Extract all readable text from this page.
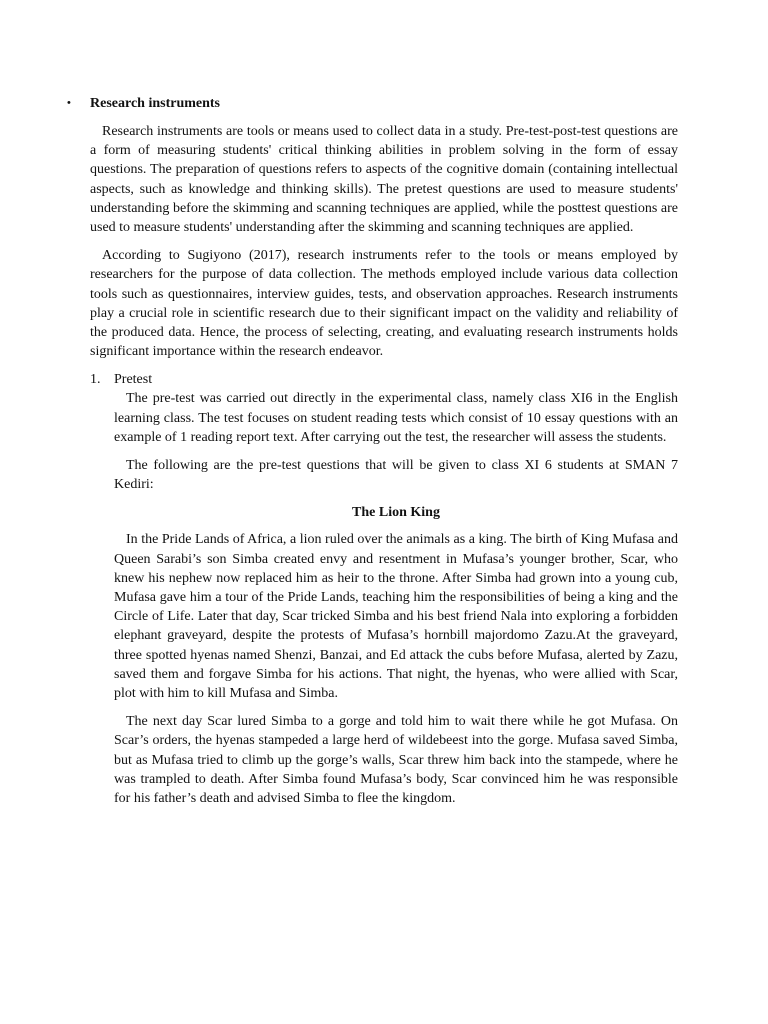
• Research instruments

Research instruments are tools or means used to collect data in a study. Pre-test-post-test questions are a form of measuring students' critical thinking abilities in problem solving in the form of essay questions. The preparation of questions refers to aspects of the cognitive domain (containing intellectual aspects, such as knowledge and thinking skills). The pretest questions are used to measure students' understanding before the skimming and scanning techniques are applied, while the posttest questions are used to measure students' understanding after the skimming and scanning techniques are applied.

According to Sugiyono (2017), research instruments refer to the tools or means employed by researchers for the purpose of data collection. The methods employed include various data collection tools such as questionnaires, interview guides, tests, and observation approaches. Research instruments play a crucial role in scientific research due to their significant impact on the validity and reliability of the produced data. Hence, the process of selecting, creating, and evaluating research instruments holds significant importance within the research endeavor.

1. Pretest

The pre-test was carried out directly in the experimental class, namely class XI6 in the English learning class. The test focuses on student reading tests which consist of 10 essay questions with an example of 1 reading report text. After carrying out the test, the researcher will assess the students.

The following are the pre-test questions that will be given to class XI 6 students at SMAN 7 Kediri:

The Lion King

In the Pride Lands of Africa, a lion ruled over the animals as a king. The birth of King Mufasa and Queen Sarabi’s son Simba created envy and resentment in Mufasa’s younger brother, Scar, who knew his nephew now replaced him as heir to the throne. After Simba had grown into a young cub, Mufasa gave him a tour of the Pride Lands, teaching him the responsibilities of being a king and the Circle of Life. Later that day, Scar tricked Simba and his best friend Nala into exploring a forbidden elephant graveyard, despite the protests of Mufasa’s hornbill majordomo Zazu.At the graveyard, three spotted hyenas named Shenzi, Banzai, and Ed attack the cubs before Mufasa, alerted by Zazu, saved them and forgave Simba for his actions. That night, the hyenas, who were allied with Scar, plot with him to kill Mufasa and Simba.

The next day Scar lured Simba to a gorge and told him to wait there while he got Mufasa. On Scar’s orders, the hyenas stampeded a large herd of wildebeest into the gorge. Mufasa saved Simba, but as Mufasa tried to climb up the gorge’s walls, Scar threw him back into the stampede, where he was trampled to death. After Simba found Mufasa’s body, Scar convinced him he was responsible for his father’s death and advised Simba to flee the kingdom.
